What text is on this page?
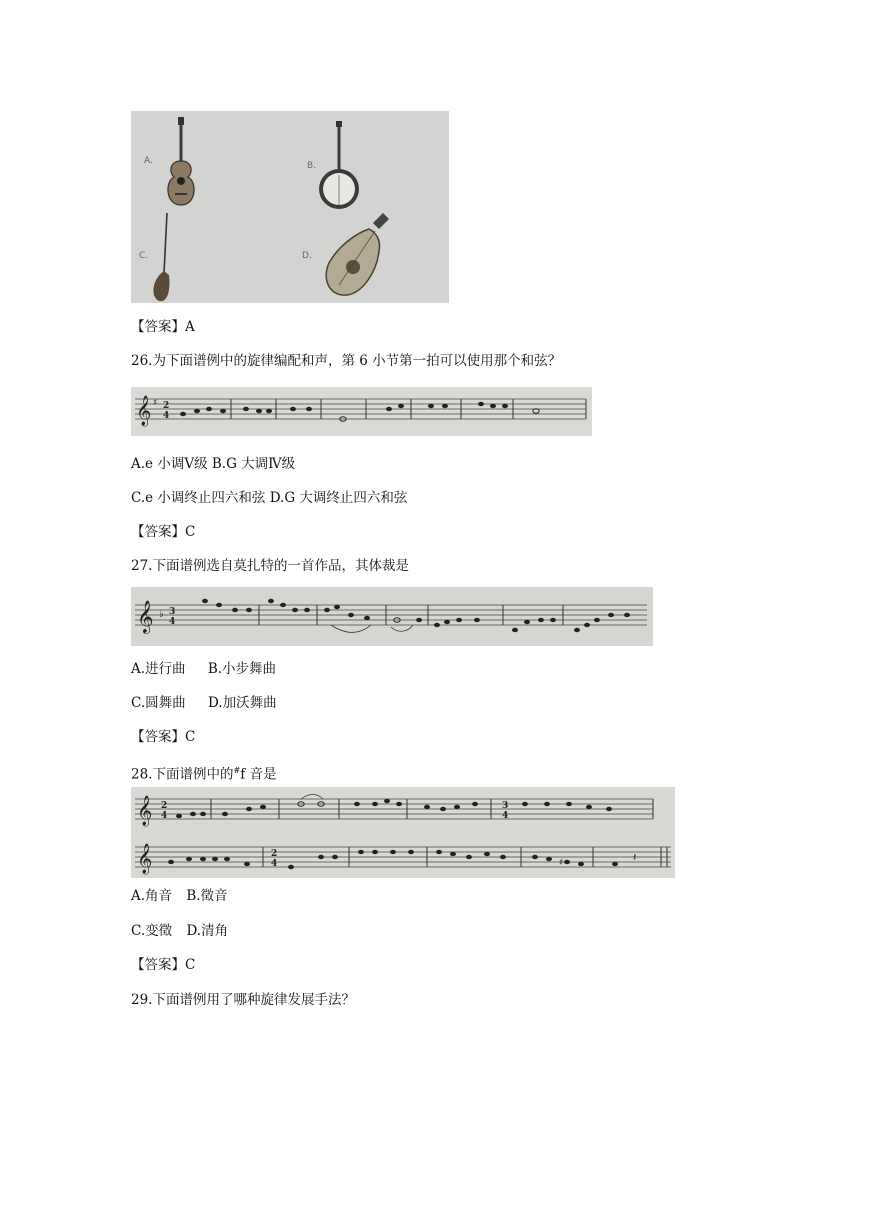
A.	B.
C.	D.
【答案】A
26.为下面谱例中的旋律编配和声，第 6 小节第一拍可以使用那个和弦？
𝄞 ♯ 2
4
A.e 小调Ⅴ级 B.G 大调Ⅳ级
C.e 小调终止四六和弦 D.G 大调终止四六和弦
【答案】C
27.下面谱例选自莫扎特的一首作品，其体裁是
𝄞 ♭ 3
4
A.进行曲 B.小步舞曲
C.圆舞曲 D.加沃舞曲
【答案】C
28.下面谱例中的#f 音是
𝄞
𝄞
2
4
3
4
2
4	♯	𝄽
A.角音 B.徵音
C.变徵 D.清角
【答案】C
29.下面谱例用了哪种旋律发展手法？
